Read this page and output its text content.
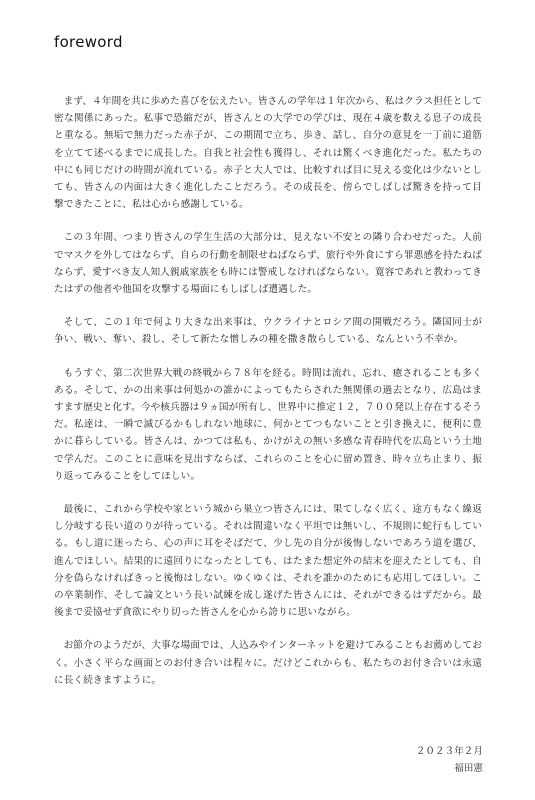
foreword

まず、４年間を共に歩めた喜びを伝えたい。皆さんの学年は１年次から、私はクラス担任として密な関係にあった。私事で恐縮だが、皆さんとの大学での学びは、現在４歳を数える息子の成長と重なる。無垢で無力だった赤子が、この期間で立ち、歩き、話し、自分の意見を一丁前に道筋を立てて述べるまでに成長した。自我と社会性も獲得し、それは驚くべき進化だった。私たちの中にも同じだけの時間が流れている。赤子と大人では、比較すれば目に見える変化は少ないとしても、皆さんの内面は大きく進化したことだろう。その成長を、傍らでしばしば驚きを持って目撃できたことに、私は心から感謝している。

この３年間、つまり皆さんの学生生活の大部分は、見えない不安との隣り合わせだった。人前でマスクを外してはならず、自らの行動を制限せねばならず、旅行や外食にすら罪悪感を持たねばならず、愛すべき友人知人親戚家族をも時には警戒しなければならない。寛容であれと教わってきたはずの他者や他国を攻撃する場面にもしばしば遭遇した。

そして、この１年で何より大きな出来事は、ウクライナとロシア間の開戦だろう。隣国同士が争い、戦い、奪い、殺し、そして新たな憎しみの種を撒き散らしている、なんという不幸か。

もうすぐ、第二次世界大戦の終戦から７８年を経る。時間は流れ、忘れ、癒されることも多くある。そして、かの出来事は何処かの誰かによってもたらされた無関係の過去となり、広島はますます歴史と化す。今や核兵器は９ヵ国が所有し、世界中に推定１２，７００発以上存在するそうだ。私達は、一瞬で滅びるかもしれない地球に、何かとてつもないことと引き換えに、便利に豊かに暮らしている。皆さんは、かつては私も、かけがえの無い多感な青春時代を広島という土地で学んだ。このことに意味を見出すならば、これらのことを心に留め置き、時々立ち止まり、振り返ってみることをしてほしい。

最後に、これから学校や家という城から巣立つ皆さんには、果てしなく広く、途方もなく繰返し分岐する長い道のりが待っている。それは間違いなく平坦では無いし、不規則に蛇行もしている。もし道に迷ったら、心の声に耳をそばだて、少し先の自分が後悔しないであろう道を選び、進んでほしい。結果的に遠回りになったとしても、はたまた想定外の結末を迎えたとしても、自分を偽らなければきっと後悔はしない。ゆくゆくは、それを誰かのためにも応用してほしい。この卒業制作、そして論文という長い試練を成し遂げた皆さんには、それができるはずだから。最後まで妥協せず貪欲にやり切った皆さんを心から誇りに思いながら。

お節介のようだが、大事な場面では、人込みやインターネットを避けてみることもお薦めしておく。小さく平らな画面とのお付き合いは程々に。だけどこれからも、私たちのお付き合いは永遠に長く続きますように。

２０２３年２月
福田憲
